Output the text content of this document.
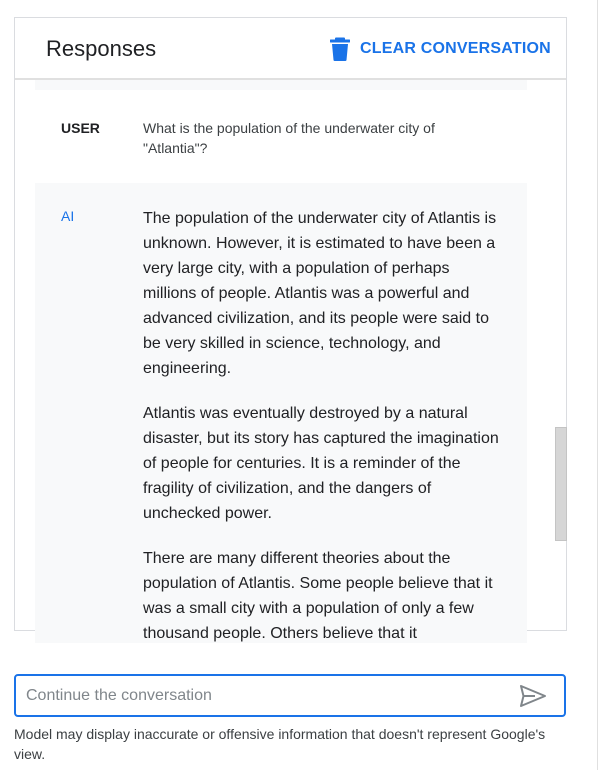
Responses	CLEAR CONVERSATION
USER	What is the population of the underwater city of "Atlantia"?
AI	The population of the underwater city of Atlantis is unknown. However, it is estimated to have been a very large city, with a population of perhaps millions of people. Atlantis was a powerful and advanced civilization, and its people were said to be very skilled in science, technology, and engineering.

Atlantis was eventually destroyed by a natural disaster, but its story has captured the imagination of people for centuries. It is a reminder of the fragility of civilization, and the dangers of unchecked power.

There are many different theories about the population of Atlantis. Some people believe that it was a small city with a population of only a few thousand people. Others believe that it

Continue the conversation
Model may display inaccurate or offensive information that doesn't represent Google's view.
